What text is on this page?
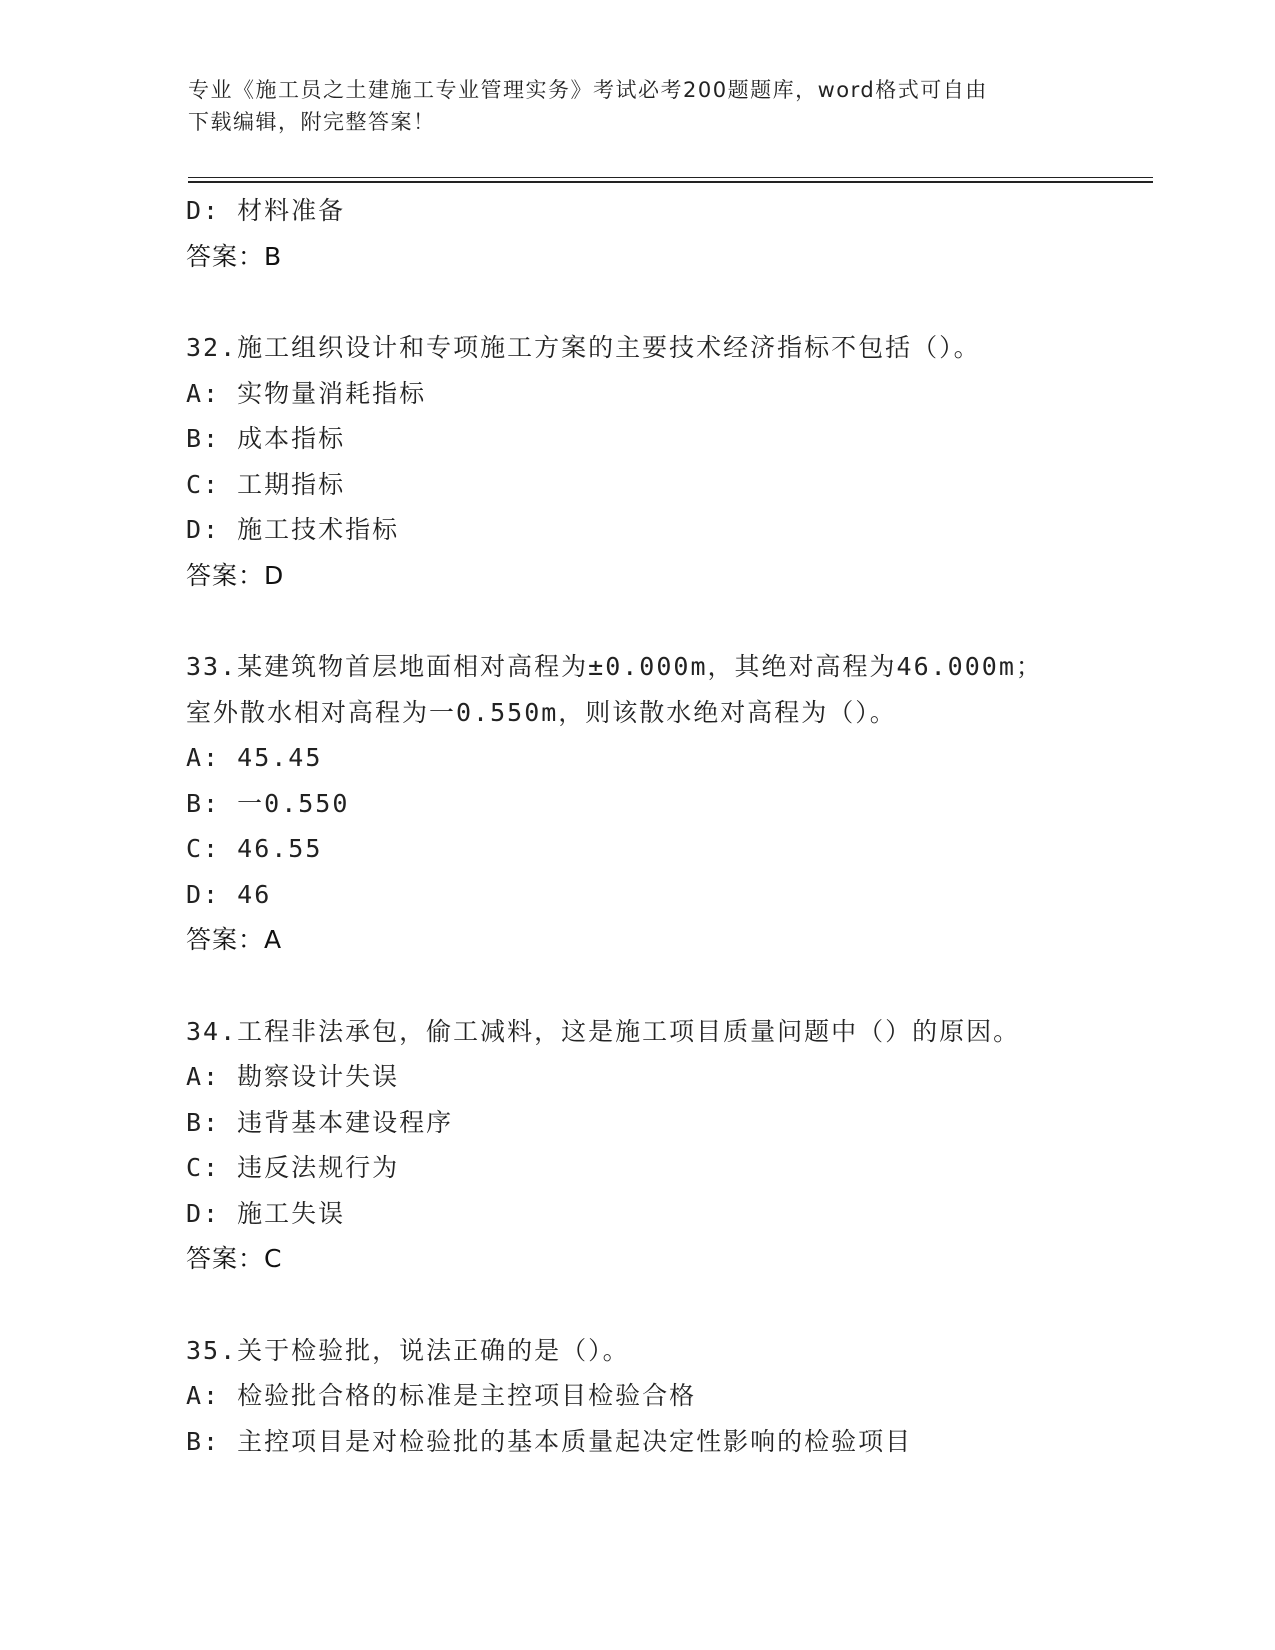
专业《施工员之土建施工专业管理实务》考试必考200题题库，word格式可自由
下载编辑，附完整答案！
D: 材料准备
答案：B
32.施工组织设计和专项施工方案的主要技术经济指标不包括（）。
A: 实物量消耗指标
B: 成本指标
C: 工期指标
D: 施工技术指标
答案：D
33.某建筑物首层地面相对高程为±0.000m，其绝对高程为46.000m；
室外散水相对高程为一0.550m，则该散水绝对高程为（）。
A: 45.45
B: 一0.550
C: 46.55
D: 46
答案：A
34.工程非法承包，偷工减料，这是施工项目质量问题中（）的原因。
A: 勘察设计失误
B: 违背基本建设程序
C: 违反法规行为
D: 施工失误
答案：C
35.关于检验批，说法正确的是（）。
A: 检验批合格的标准是主控项目检验合格
B: 主控项目是对检验批的基本质量起决定性影响的检验项目
